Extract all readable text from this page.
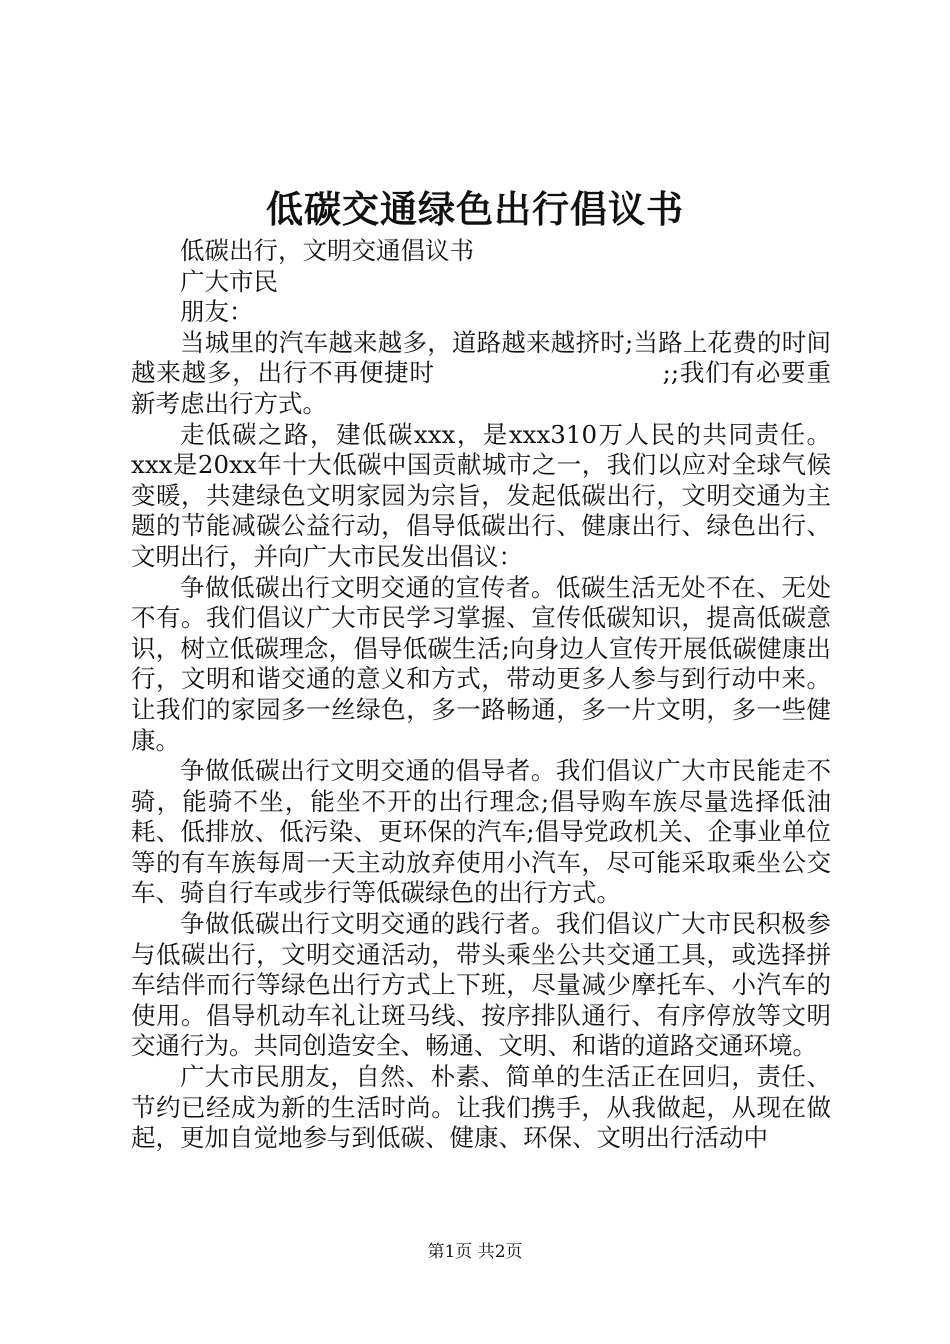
低碳交通绿色出行倡议书

低碳出行，文明交通倡议书

广大市民

朋友：

当城里的汽车越来越多，道路越来越挤时;当路上花费的时间越来越多，出行不再便捷时　　　　　　　　　;;我们有必要重新考虑出行方式。

走低碳之路，建低碳xxx，是xxx310万人民的共同责任。xxx是20xx年十大低碳中国贡献城市之一，我们以应对全球气候变暖，共建绿色文明家园为宗旨，发起低碳出行，文明交通为主题的节能减碳公益行动，倡导低碳出行、健康出行、绿色出行、文明出行，并向广大市民发出倡议：

争做低碳出行文明交通的宣传者。低碳生活无处不在、无处不有。我们倡议广大市民学习掌握、宣传低碳知识，提高低碳意识，树立低碳理念，倡导低碳生活;向身边人宣传开展低碳健康出行，文明和谐交通的意义和方式，带动更多人参与到行动中来。让我们的家园多一丝绿色，多一路畅通，多一片文明，多一些健康。

争做低碳出行文明交通的倡导者。我们倡议广大市民能走不骑，能骑不坐，能坐不开的出行理念;倡导购车族尽量选择低油耗、低排放、低污染、更环保的汽车;倡导党政机关、企事业单位等的有车族每周一天主动放弃使用小汽车，尽可能采取乘坐公交车、骑自行车或步行等低碳绿色的出行方式。

争做低碳出行文明交通的践行者。我们倡议广大市民积极参与低碳出行，文明交通活动，带头乘坐公共交通工具，或选择拼车结伴而行等绿色出行方式上下班，尽量减少摩托车、小汽车的使用。倡导机动车礼让斑马线、按序排队通行、有序停放等文明交通行为。共同创造安全、畅通、文明、和谐的道路交通环境。

广大市民朋友，自然、朴素、简单的生活正在回归，责任、节约已经成为新的生活时尚。让我们携手，从我做起，从现在做起，更加自觉地参与到低碳、健康、环保、文明出行活动中

第1页 共2页
